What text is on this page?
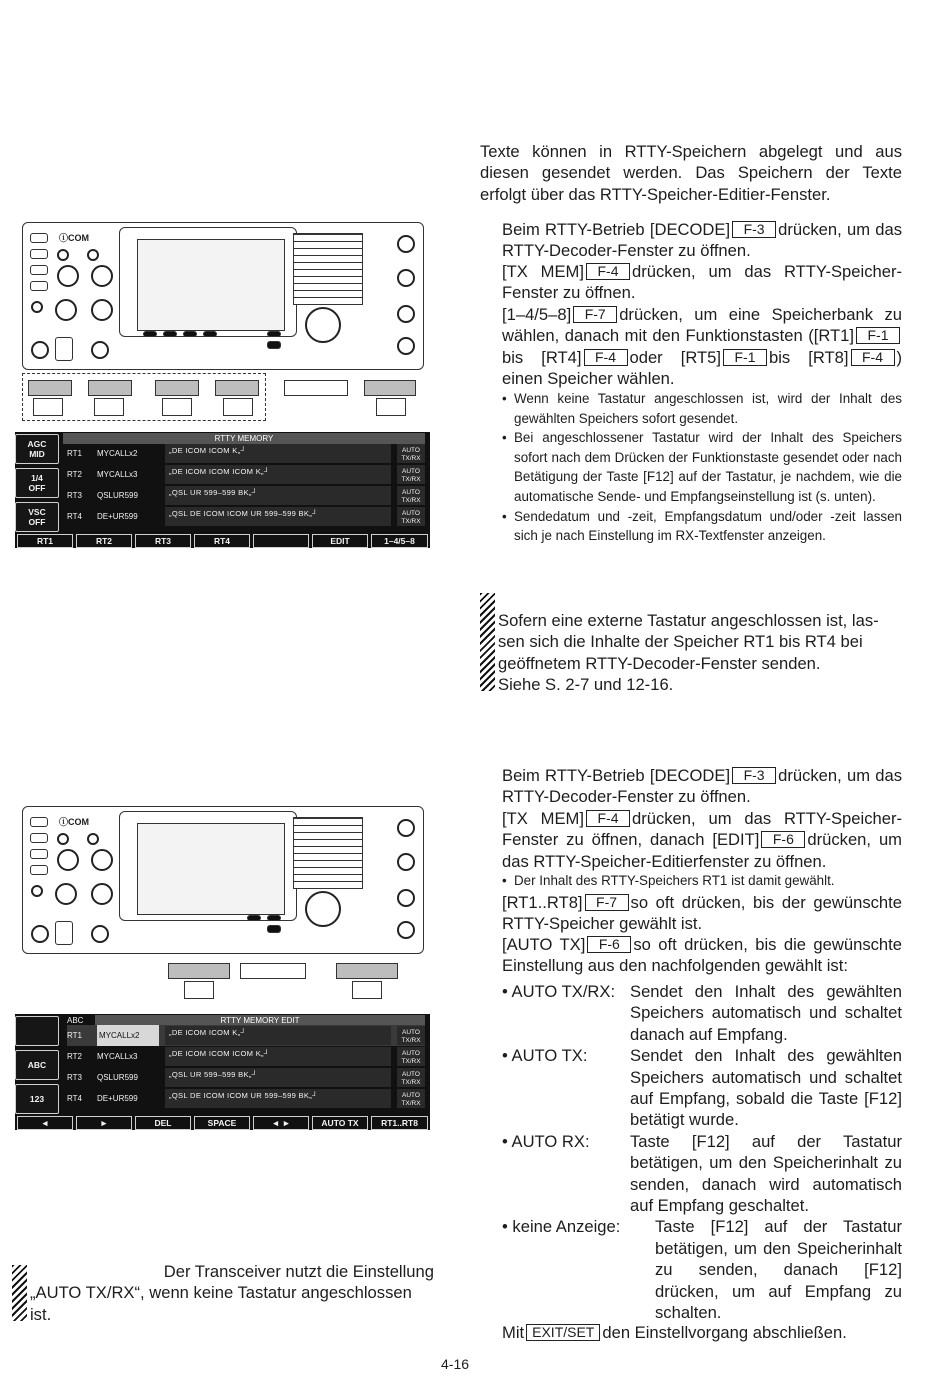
Texte können in RTTY-Speichern abgelegt und aus diesen gesendet werden. Das Speichern der Texte erfolgt über das RTTY-Speicher-Editier-Fenster.
Beim RTTY-Betrieb [DECODE] F-3 drücken, um das RTTY-Decoder-Fenster zu öffnen.
[TX MEM] F-4 drücken, um das RTTY-Speicher-Fenster zu öffnen.
[1–4/5–8] F-7 drücken, um eine Speicherbank zu wählen, danach mit den Funktionstasten ([RT1] F-1bis [RT4] F-4 oder [RT5] F-1 bis [RT8] F-4 ) einen Speicher wählen.
• Wenn keine Tastatur angeschlossen ist, wird der Inhalt des gewählten Speichers sofort gesendet.
• Bei angeschlossener Tastatur wird der Inhalt des Speichers sofort nach dem Drücken der Funktionstaste gesendet oder nach Betätigung der Taste [F12] auf der Tastatur, je nachdem, wie die automatische Sende- und Empfangseinstellung ist (s. unten).
• Sendedatum und -zeit, Empfangsdatum und/oder -zeit lassen sich je nach Einstellung im RX-Textfenster anzeigen.
Sofern eine externe Tastatur angeschlossen ist, las-
sen sich die Inhalte der Speicher RT1 bis RT4 bei
geöffnetem RTTY-Decoder-Fenster senden.
Siehe S. 2-7 und 12-16.
ⓘCOM
AGC
MID
1/4
OFF
VSC
OFF
RTTY MEMORY
RT1	MYCALLx2	„DE ICOM ICOM K„┘	AUTO TX/RX
RT2	MYCALLx3	„DE ICOM ICOM ICOM K„┘	AUTO TX/RX
RT3	QSLUR599	„QSL UR 599–599 BK„┘	AUTO TX/RX
RT4	DE+UR599	„QSL DE ICOM ICOM UR 599–599 BK„┘	AUTO TX/RX
RT1	RT2	RT3	RT4	EDIT	1–4/5–8
Beim RTTY-Betrieb [DECODE] F-3 drücken, um das RTTY-Decoder-Fenster zu öffnen.
[TX MEM] F-4 drücken, um das RTTY-Speicher-Fenster zu öffnen, danach [EDIT] F-6 drücken, um das RTTY-Speicher-Editierfenster zu öffnen.
• Der Inhalt des RTTY-Speichers RT1 ist damit gewählt.
[RT1..RT8] F-7 so oft drücken, bis der gewünschte RTTY-Speicher gewählt ist.
[AUTO TX] F-6 so oft drücken, bis die gewünschte Einstellung aus den nachfolgenden gewählt ist:
• AUTO TX/RX: Sendet den Inhalt des gewählten Speichers automatisch und schaltet danach auf Empfang.
• AUTO TX:	Sendet den Inhalt des gewählten Speichers automatisch und schaltet auf Empfang, sobald die Taste [F12] betätigt wurde.
• AUTO RX:	Taste [F12] auf der Tastatur betätigen, um den Speicherinhalt zu senden, danach wird automatisch auf Empfang geschaltet.
• keine Anzeige:	Taste [F12] auf der Tastatur betätigen, um den Speicherinhalt zu senden, danach [F12] drücken, um auf Empfang zu schalten.
Mit EXIT/SET den Einstellvorgang abschließen.
Der Transceiver nutzt die Einstellung
„AUTO TX/RX“, wenn keine Tastatur angeschlossen
ist.
ⓘCOM
ABC
123
ABC	RTTY MEMORY EDIT
RT1	MYCALLx2	„DE ICOM ICOM K„┘	AUTO TX/RX
RT2	MYCALLx3	„DE ICOM ICOM ICOM K„┘	AUTO TX/RX
RT3	QSLUR599	„QSL UR 599–599 BK„┘	AUTO TX/RX
RT4	DE+UR599	„QSL DE ICOM ICOM UR 599–599 BK„┘	AUTO TX/RX
◄	►	DEL	SPACE	◄ ►	AUTO TX	RT1..RT8
4-16
